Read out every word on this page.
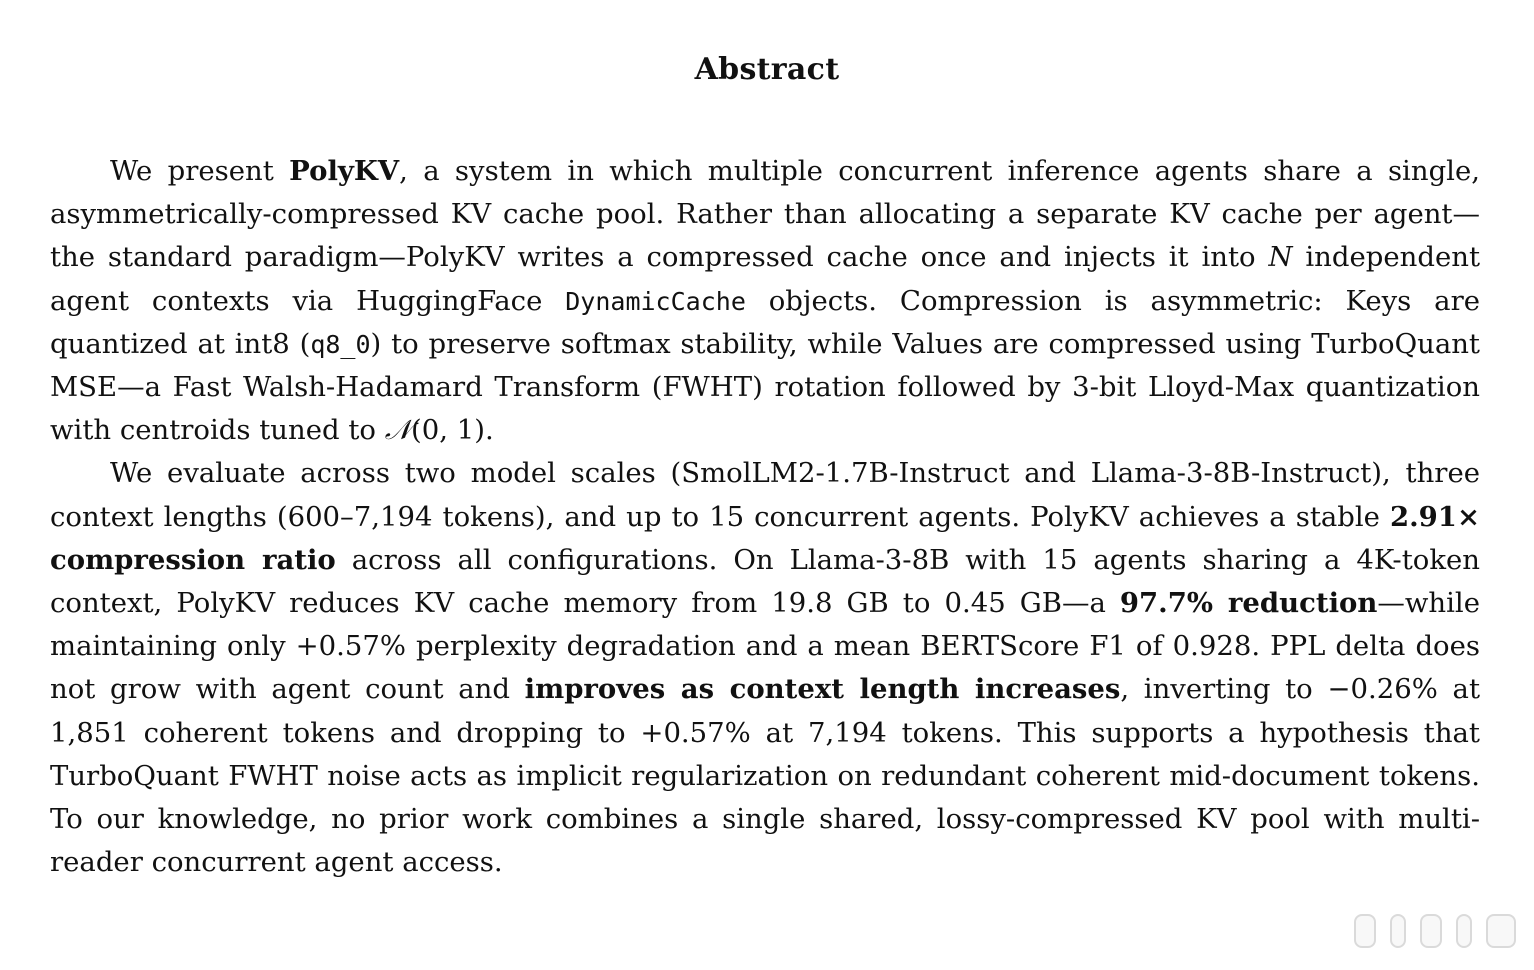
Abstract

We present PolyKV, a system in which multiple concurrent inference agents share a single, asymmetrically-compressed KV cache pool. Rather than allocating a separate KV cache per agent—the standard paradigm—PolyKV writes a compressed cache once and injects it into N independent agent contexts via HuggingFace DynamicCache objects. Compression is asymmetric: Keys are quantized at int8 (q8_0) to preserve softmax stability, while Values are compressed using TurboQuant MSE—a Fast Walsh-Hadamard Transform (FWHT) rotation followed by 3-bit Lloyd-Max quantization with centroids tuned to 𝒩(0, 1).

We evaluate across two model scales (SmolLM2-1.7B-Instruct and Llama-3-8B-Instruct), three context lengths (600–7,194 tokens), and up to 15 concurrent agents. PolyKV achieves a stable 2.91× compression ratio across all configurations. On Llama-3-8B with 15 agents sharing a 4K-token context, PolyKV reduces KV cache memory from 19.8 GB to 0.45 GB—a 97.7% reduction—while maintaining only +0.57% perplexity degradation and a mean BERTScore F1 of 0.928. PPL delta does not grow with agent count and improves as context length increases, inverting to −0.26% at 1,851 coherent tokens and dropping to +0.57% at 7,194 tokens. This supports a hypothesis that TurboQuant FWHT noise acts as implicit regularization on redundant coherent mid-document tokens. To our knowledge, no prior work combines a single shared, lossy-compressed KV pool with multi-reader concurrent agent access.
